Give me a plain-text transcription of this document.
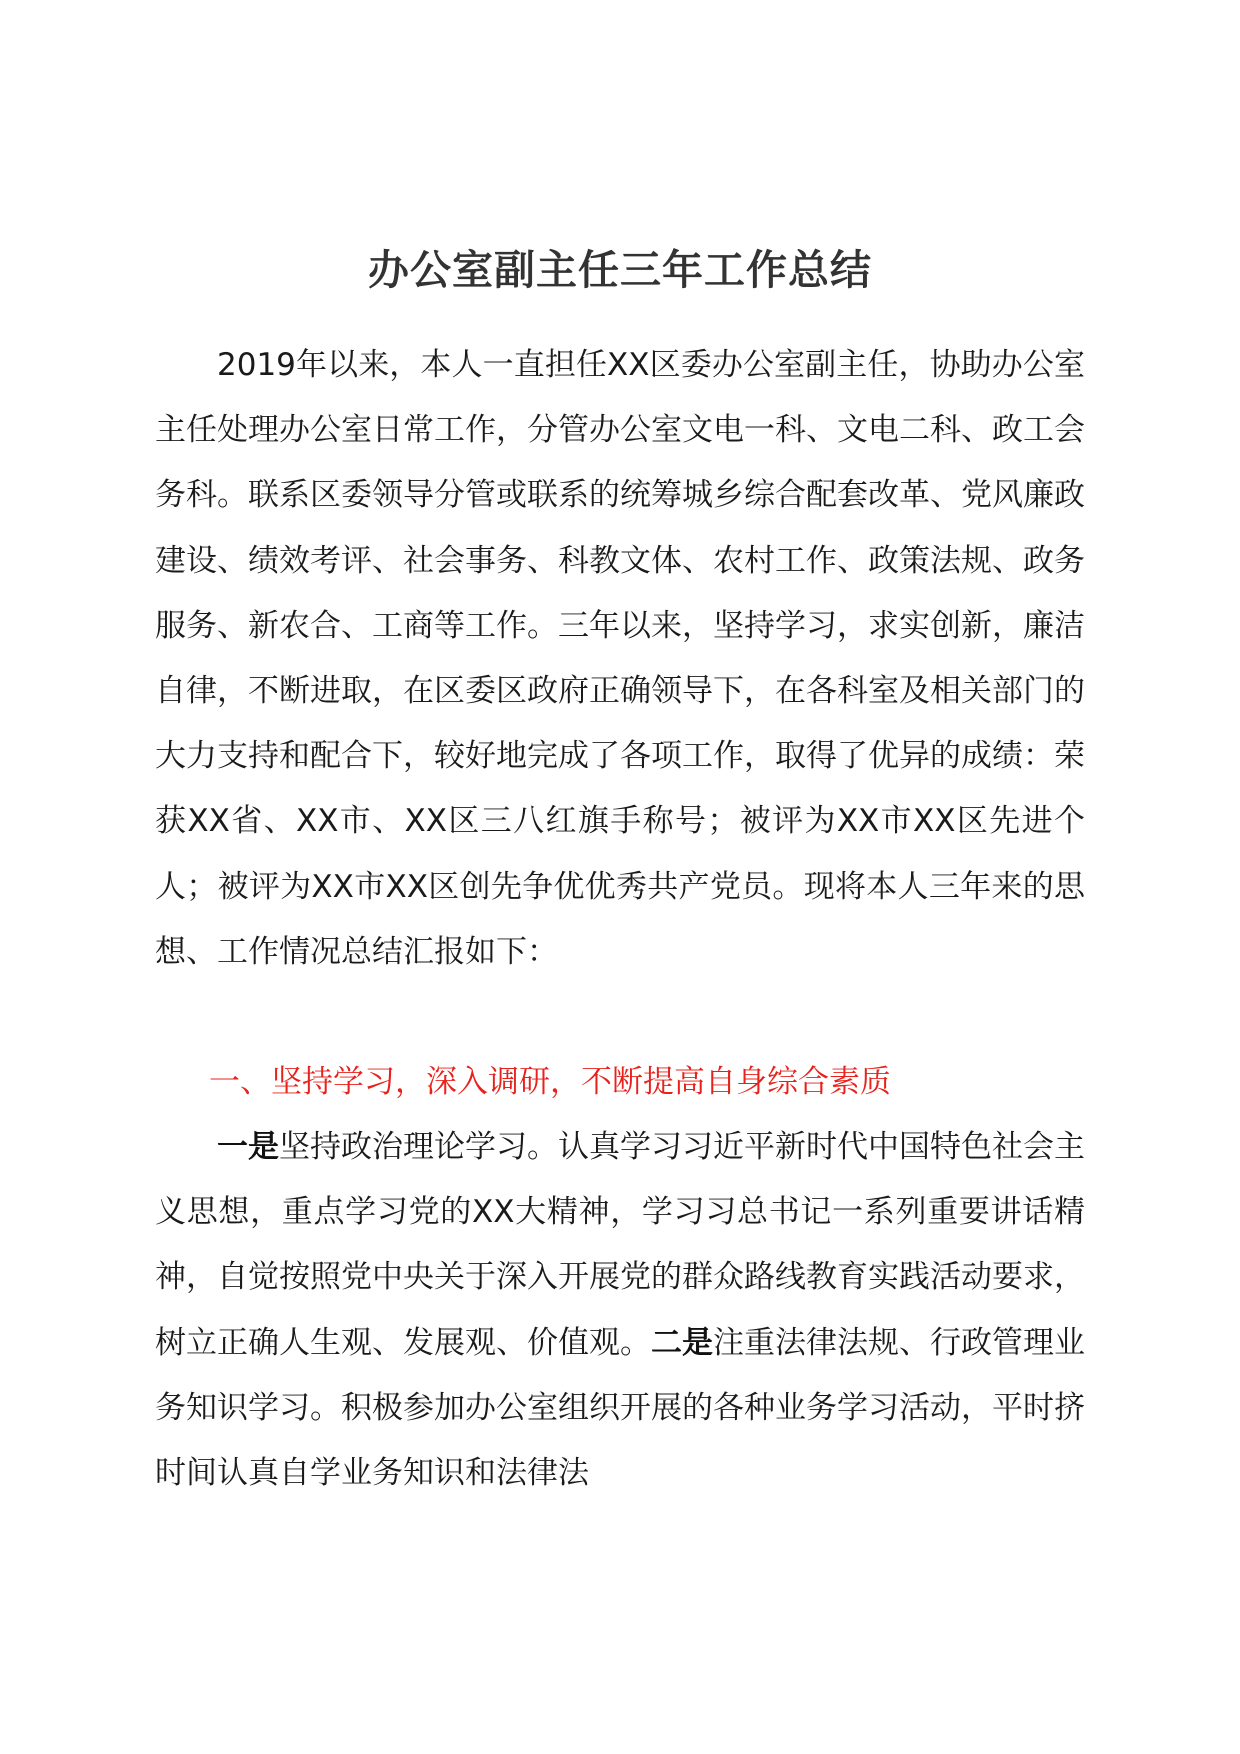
办公室副主任三年工作总结

2019年以来，本人一直担任XX区委办公室副主任，协助办公室主任处理办公室日常工作，分管办公室文电一科、文电二科、政工会务科。联系区委领导分管或联系的统筹城乡综合配套改革、党风廉政建设、绩效考评、社会事务、科教文体、农村工作、政策法规、政务服务、新农合、工商等工作。三年以来，坚持学习，求实创新，廉洁自律，不断进取，在区委区政府正确领导下，在各科室及相关部门的大力支持和配合下，较好地完成了各项工作，取得了优异的成绩：荣获XX省、XX市、XX区三八红旗手称号；被评为XX市XX区先进个人；被评为XX市XX区创先争优优秀共产党员。现将本人三年来的思想、工作情况总结汇报如下：

一、坚持学习，深入调研，不断提高自身综合素质

一是坚持政治理论学习。认真学习习近平新时代中国特色社会主义思想，重点学习党的XX大精神，学习习总书记一系列重要讲话精神，自觉按照党中央关于深入开展党的群众路线教育实践活动要求，树立正确人生观、发展观、价值观。二是注重法律法规、行政管理业务知识学习。积极参加办公室组织开展的各种业务学习活动，平时挤时间认真自学业务知识和法律法
